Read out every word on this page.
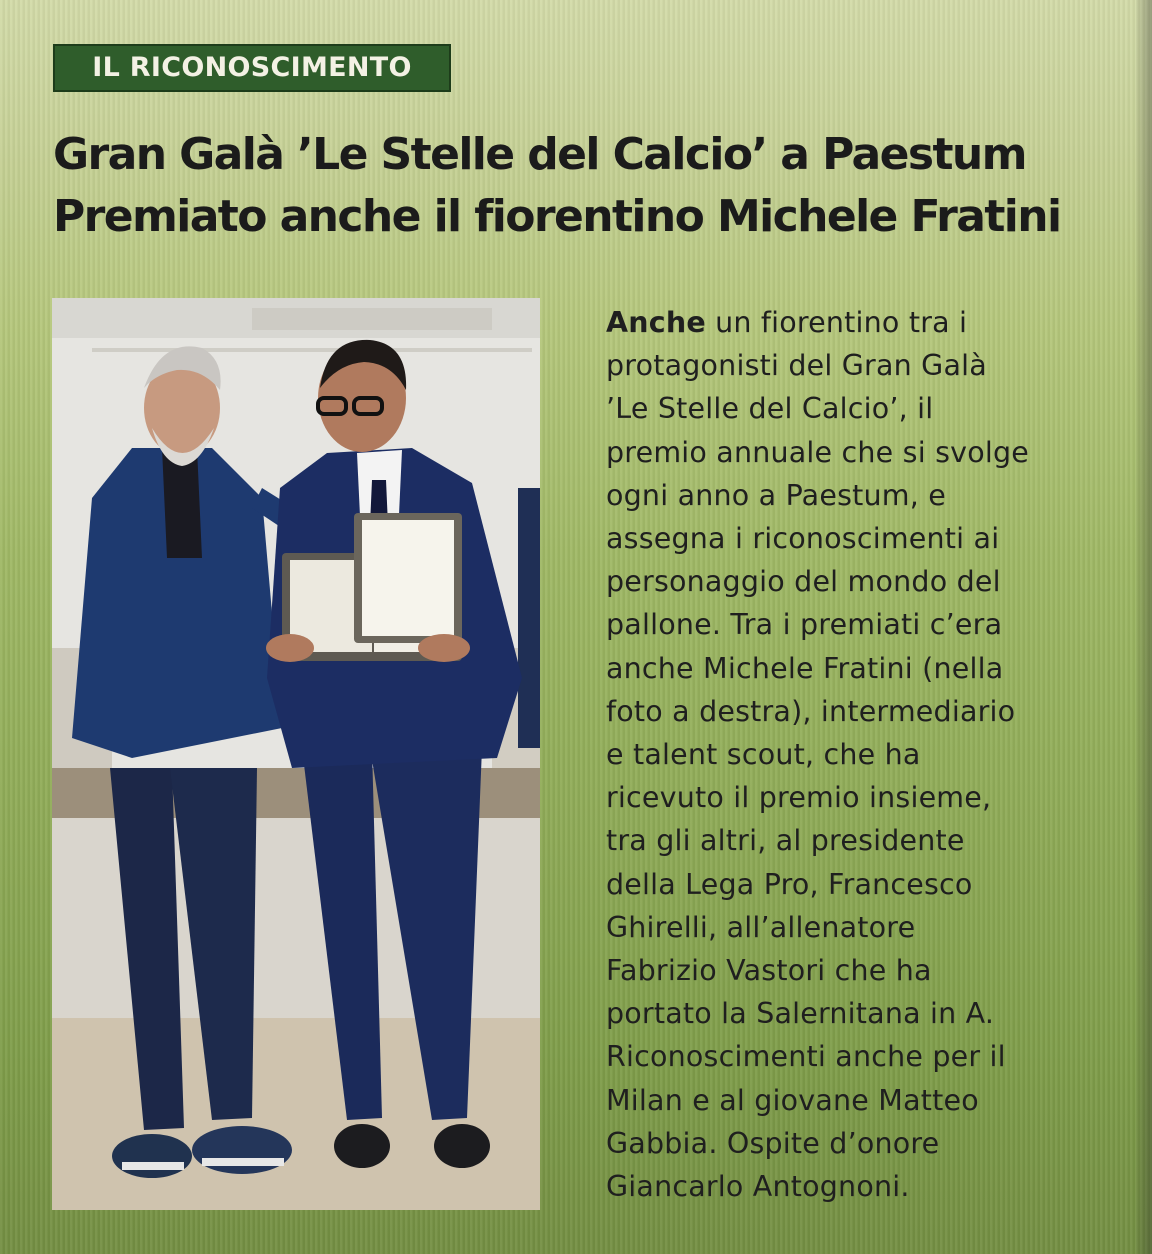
IL RICONOSCIMENTO
Gran Galà ’Le Stelle del Calcio’ a Paestum
Premiato anche il fiorentino Michele Fratini

Anche un fiorentino tra i
protagonisti del Gran Galà
’Le Stelle del Calcio’, il
premio annuale che si svolge
ogni anno a Paestum, e
assegna i riconoscimenti ai
personaggio del mondo del
pallone. Tra i premiati c’era
anche Michele Fratini (nella
foto a destra), intermediario
e talent scout, che ha
ricevuto il premio insieme,
tra gli altri, al presidente
della Lega Pro, Francesco
Ghirelli, all’allenatore
Fabrizio Vastori che ha
portato la Salernitana in A.
Riconoscimenti anche per il
Milan e al giovane Matteo
Gabbia. Ospite d’onore
Giancarlo Antognoni.
